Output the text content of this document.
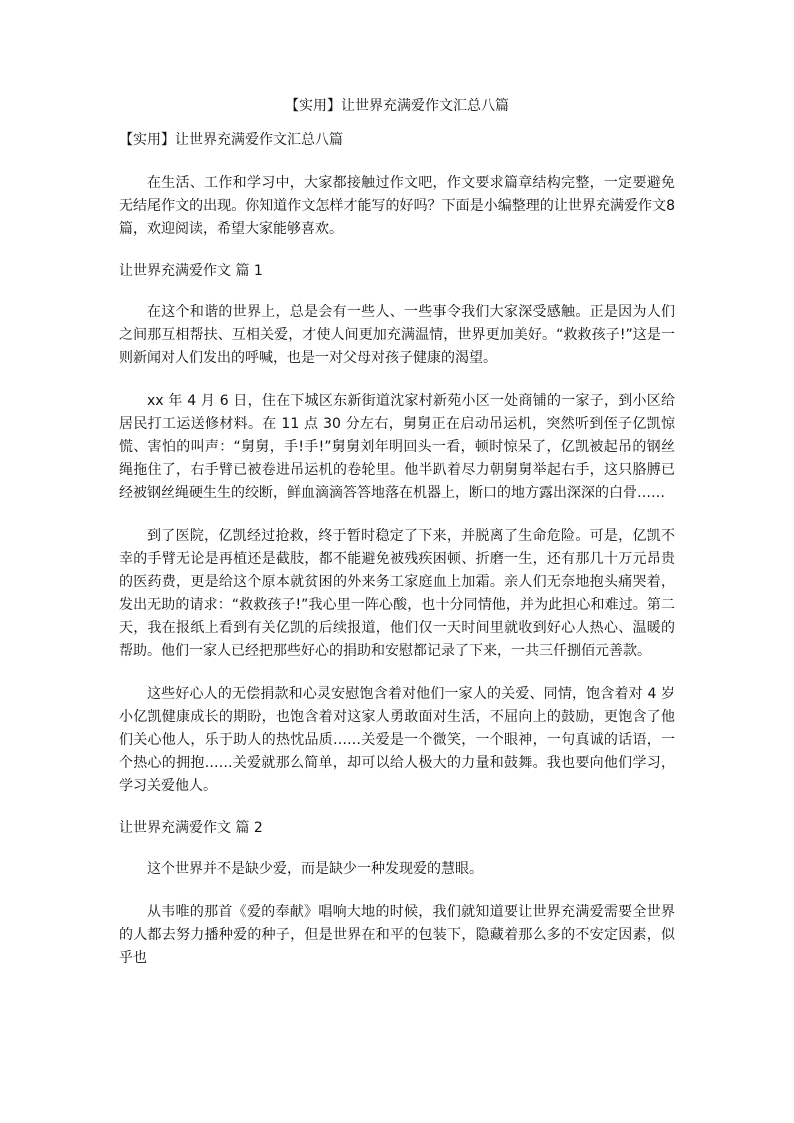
【实用】让世界充满爱作文汇总八篇
【实用】让世界充满爱作文汇总八篇

在生活、工作和学习中，大家都接触过作文吧，作文要求篇章结构完整，一定要避免无结尾作文的出现。你知道作文怎样才能写的好吗？下面是小编整理的让世界充满爱作文8篇，欢迎阅读，希望大家能够喜欢。

让世界充满爱作文 篇 1

在这个和谐的世界上，总是会有一些人、一些事令我们大家深受感触。正是因为人们之间那互相帮扶、互相关爱，才使人间更加充满温情，世界更加美好。“救救孩子!”这是一则新闻对人们发出的呼喊，也是一对父母对孩子健康的渴望。

xx 年 4 月 6 日，住在下城区东新街道沈家村新苑小区一处商铺的一家子，到小区给居民打工运送修材料。在 11 点 30 分左右，舅舅正在启动吊运机，突然听到侄子亿凯惊慌、害怕的叫声：“舅舅，手!手!”舅舅刘年明回头一看，顿时惊呆了，亿凯被起吊的钢丝绳拖住了，右手臂已被卷进吊运机的卷轮里。他半趴着尽力朝舅舅举起右手，这只胳膊已经被钢丝绳硬生生的绞断，鲜血滴滴答答地落在机器上，断口的地方露出深深的白骨……

到了医院，亿凯经过抢救，终于暂时稳定了下来，并脱离了生命危险。可是，亿凯不幸的手臂无论是再植还是截肢，都不能避免被残疾困顿、折磨一生，还有那几十万元昂贵的医药费，更是给这个原本就贫困的外来务工家庭血上加霜。亲人们无奈地抱头痛哭着，发出无助的请求：“救救孩子!”我心里一阵心酸，也十分同情他，并为此担心和难过。第二天，我在报纸上看到有关亿凯的后续报道，他们仅一天时间里就收到好心人热心、温暖的帮助。他们一家人已经把那些好心的捐助和安慰都记录了下来，一共三仟捌佰元善款。

这些好心人的无偿捐款和心灵安慰饱含着对他们一家人的关爱、同情，饱含着对 4 岁小亿凯健康成长的期盼，也饱含着对这家人勇敢面对生活，不屈向上的鼓励，更饱含了他们关心他人，乐于助人的热忱品质……关爱是一个微笑，一个眼神，一句真诚的话语，一个热心的拥抱……关爱就那么简单，却可以给人极大的力量和鼓舞。我也要向他们学习，学习关爱他人。

让世界充满爱作文 篇 2

这个世界并不是缺少爱，而是缺少一种发现爱的慧眼。

从韦唯的那首《爱的奉献》唱响大地的时候，我们就知道要让世界充满爱需要全世界的人都去努力播种爱的种子，但是世界在和平的包装下，隐藏着那么多的不安定因素，似乎也
